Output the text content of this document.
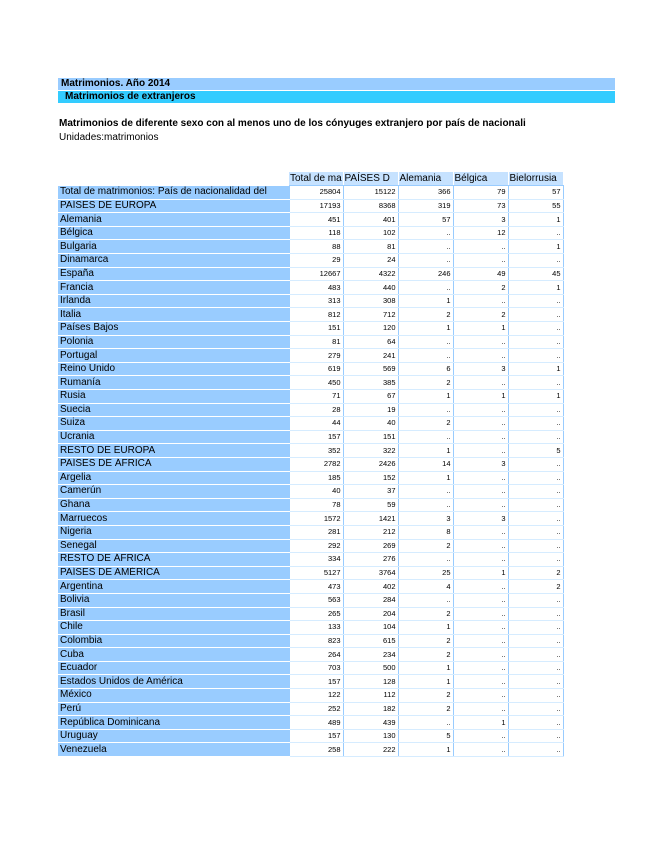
Matrimonios. Año 2014
Matrimonios de extranjeros
Matrimonios de diferente sexo con al menos uno de los cónyuges extranjero por país de nacionali
Unidades:matrimonios
	Total de ma	PAÍSES D	Alemania	Bélgica	Bielorrusia
Total de matrimonios: País de nacionalidad del	25804	15122	366	79	57
PAÍSES DE EUROPA	17193	8368	319	73	55
Alemania	451	401	57	3	1
Bélgica	118	102	..	12	..
Bulgaria	88	81	..	..	1
Dinamarca	29	24	..	..	..
España	12667	4322	246	49	45
Francia	483	440	..	2	1
Irlanda	313	308	1	..	..
Italia	812	712	2	2	..
Países Bajos	151	120	1	1	..
Polonia	81	64	..	..	..
Portugal	279	241	..	..	..
Reino Unido	619	569	6	3	1
Rumanía	450	385	2	..	..
Rusia	71	67	1	1	1
Suecia	28	19	..	..	..
Suiza	44	40	2	..	..
Ucrania	157	151	..	..	..
RESTO DE EUROPA	352	322	1	..	5
PAÍSES DE ÁFRICA	2782	2426	14	3	..
Argelia	185	152	1	..	..
Camerún	40	37	..	..	..
Ghana	78	59	..	..	..
Marruecos	1572	1421	3	3	..
Nigeria	281	212	8	..	..
Senegal	292	269	2	..	..
RESTO DE ÁFRICA	334	276	..	..	..
PAÍSES DE AMÉRICA	5127	3764	25	1	2
Argentina	473	402	4	..	2
Bolivia	563	284	..	..	..
Brasil	265	204	2	..	..
Chile	133	104	1	..	..
Colombia	823	615	2	..	..
Cuba	264	234	2	..	..
Ecuador	703	500	1	..	..
Estados Unidos de América	157	128	1	..	..
México	122	112	2	..	..
Perú	252	182	2	..	..
República Dominicana	489	439	..	1	..
Uruguay	157	130	5	..	..
Venezuela	258	222	1	..	..
